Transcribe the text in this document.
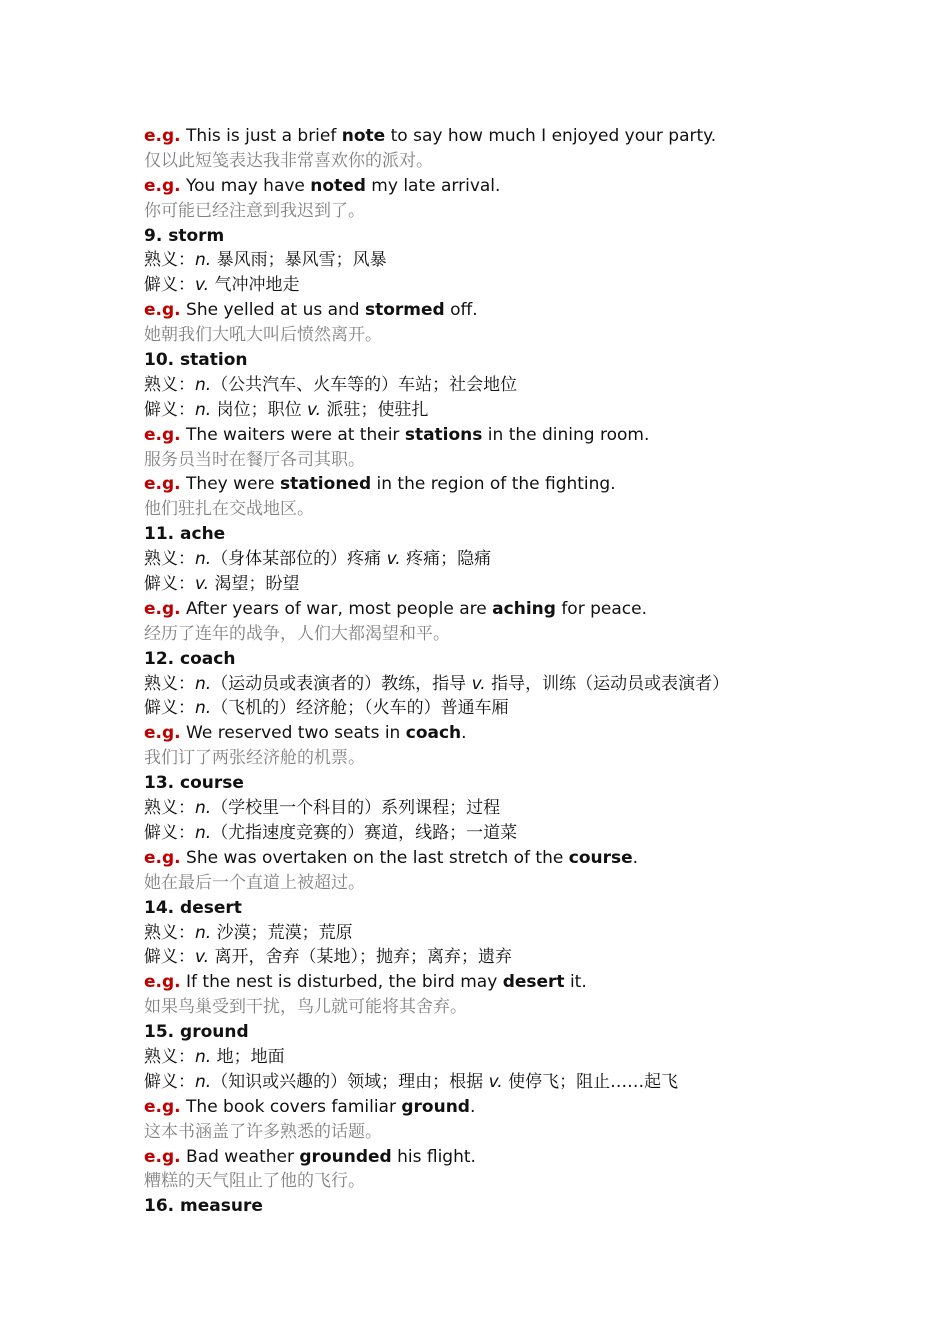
e.g. This is just a brief note to say how much I enjoyed your party.
仅以此短笺表达我非常喜欢你的派对。
e.g. You may have noted my late arrival.
你可能已经注意到我迟到了。
9. storm
熟义：n. 暴风雨；暴风雪；风暴
僻义：v. 气冲冲地走
e.g. She yelled at us and stormed off.
她朝我们大吼大叫后愤然离开。
10. station
熟义：n.（公共汽车、火车等的）车站；社会地位
僻义：n. 岗位；职位 v. 派驻；使驻扎
e.g. The waiters were at their stations in the dining room.
服务员当时在餐厅各司其职。
e.g. They were stationed in the region of the fighting.
他们驻扎在交战地区。
11. ache
熟义：n.（身体某部位的）疼痛 v. 疼痛；隐痛
僻义：v. 渴望；盼望
e.g. After years of war, most people are aching for peace.
经历了连年的战争，人们大都渴望和平。
12. coach
熟义：n.（运动员或表演者的）教练，指导 v. 指导，训练（运动员或表演者）
僻义：n.（飞机的）经济舱；（火车的）普通车厢
e.g. We reserved two seats in coach.
我们订了两张经济舱的机票。
13. course
熟义：n.（学校里一个科目的）系列课程；过程
僻义：n.（尤指速度竞赛的）赛道，线路；一道菜
e.g. She was overtaken on the last stretch of the course.
她在最后一个直道上被超过。
14. desert
熟义：n. 沙漠；荒漠；荒原
僻义：v. 离开，舍弃（某地）；抛弃；离弃；遗弃
e.g. If the nest is disturbed, the bird may desert it.
如果鸟巢受到干扰，鸟儿就可能将其舍弃。
15. ground
熟义：n. 地；地面
僻义：n.（知识或兴趣的）领域；理由；根据 v. 使停飞；阻止……起飞
e.g. The book covers familiar ground.
这本书涵盖了许多熟悉的话题。
e.g. Bad weather grounded his flight.
糟糕的天气阻止了他的飞行。
16. measure
